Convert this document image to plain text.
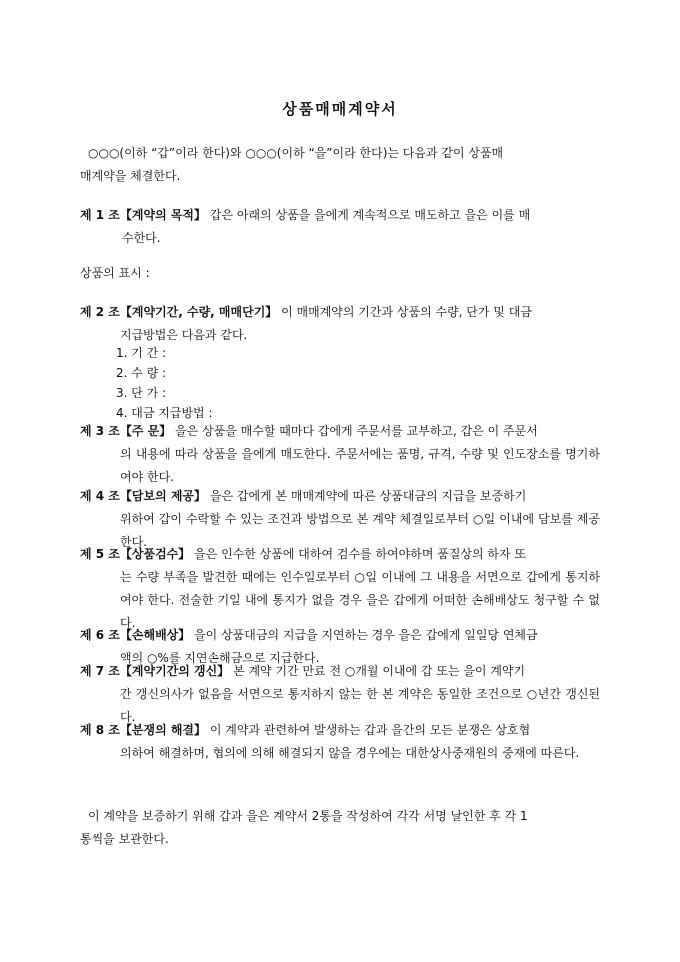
상품매매계약서
○○○(이하 “갑”이라 한다)와 ○○○(이하 “을”이라 한다)는 다음과 같이 상품매
매계약을 체결한다.
제 1 조【계약의 목적】 갑은 아래의 상품을 을에게 계속적으로 매도하고 을은 이를 매
수한다.
상품의 표시 :
제 2 조【계약기간, 수량, 매매단기】 이 매매계약의 기간과 상품의 수량, 단가 및 대금
지급방법은 다음과 같다.
1. 기 간 :
2. 수 량 :
3. 단 가 :
4. 대금 지급방법 :
제 3 조【주 문】 을은 상품을 매수할 때마다 갑에게 주문서를 교부하고, 갑은 이 주문서
의 내용에 따라 상품을 을에게 매도한다. 주문서에는 품명, 규격, 수량 및 인도장소를 명기하여야 한다.
제 4 조【담보의 제공】 을은 갑에게 본 매매계약에 따른 상품대금의 지급을 보증하기
위하여 갑이 수락할 수 있는 조건과 방법으로 본 계약 체결일로부터 ○일 이내에 담보를 제공한다.
제 5 조【상품검수】 을은 인수한 상품에 대하여 검수를 하여야하며 품질상의 하자 또
는 수량 부족을 발견한 때에는 인수일로부터 ○일 이내에 그 내용을 서면으로 갑에게 통지하여야 한다. 전술한 기일 내에 통지가 없을 경우 을은 갑에게 어떠한 손해배상도 청구할 수 없다.
제 6 조【손해배상】 을이 상품대금의 지급을 지연하는 경우 을은 갑에게 일일당 연체금
액의 ○%를 지연손해금으로 지급한다.
제 7 조【계약기간의 갱신】 본 계약 기간 만료 전 ○개월 이내에 갑 또는 을이 계약기
간 갱신의사가 없음을 서면으로 통지하지 않는 한 본 계약은 동일한 조건으로 ○년간 갱신된다.
제 8 조【분쟁의 해결】 이 계약과 관련하여 발생하는 갑과 을간의 모든 분쟁은 상호협
의하여 해결하며, 협의에 의해 해결되지 않을 경우에는 대한상사중재원의 중재에 따른다.
이 계약을 보증하기 위해 갑과 을은 계약서 2통을 작성하여 각각 서명 날인한 후 각 1
통씩을 보관한다.
